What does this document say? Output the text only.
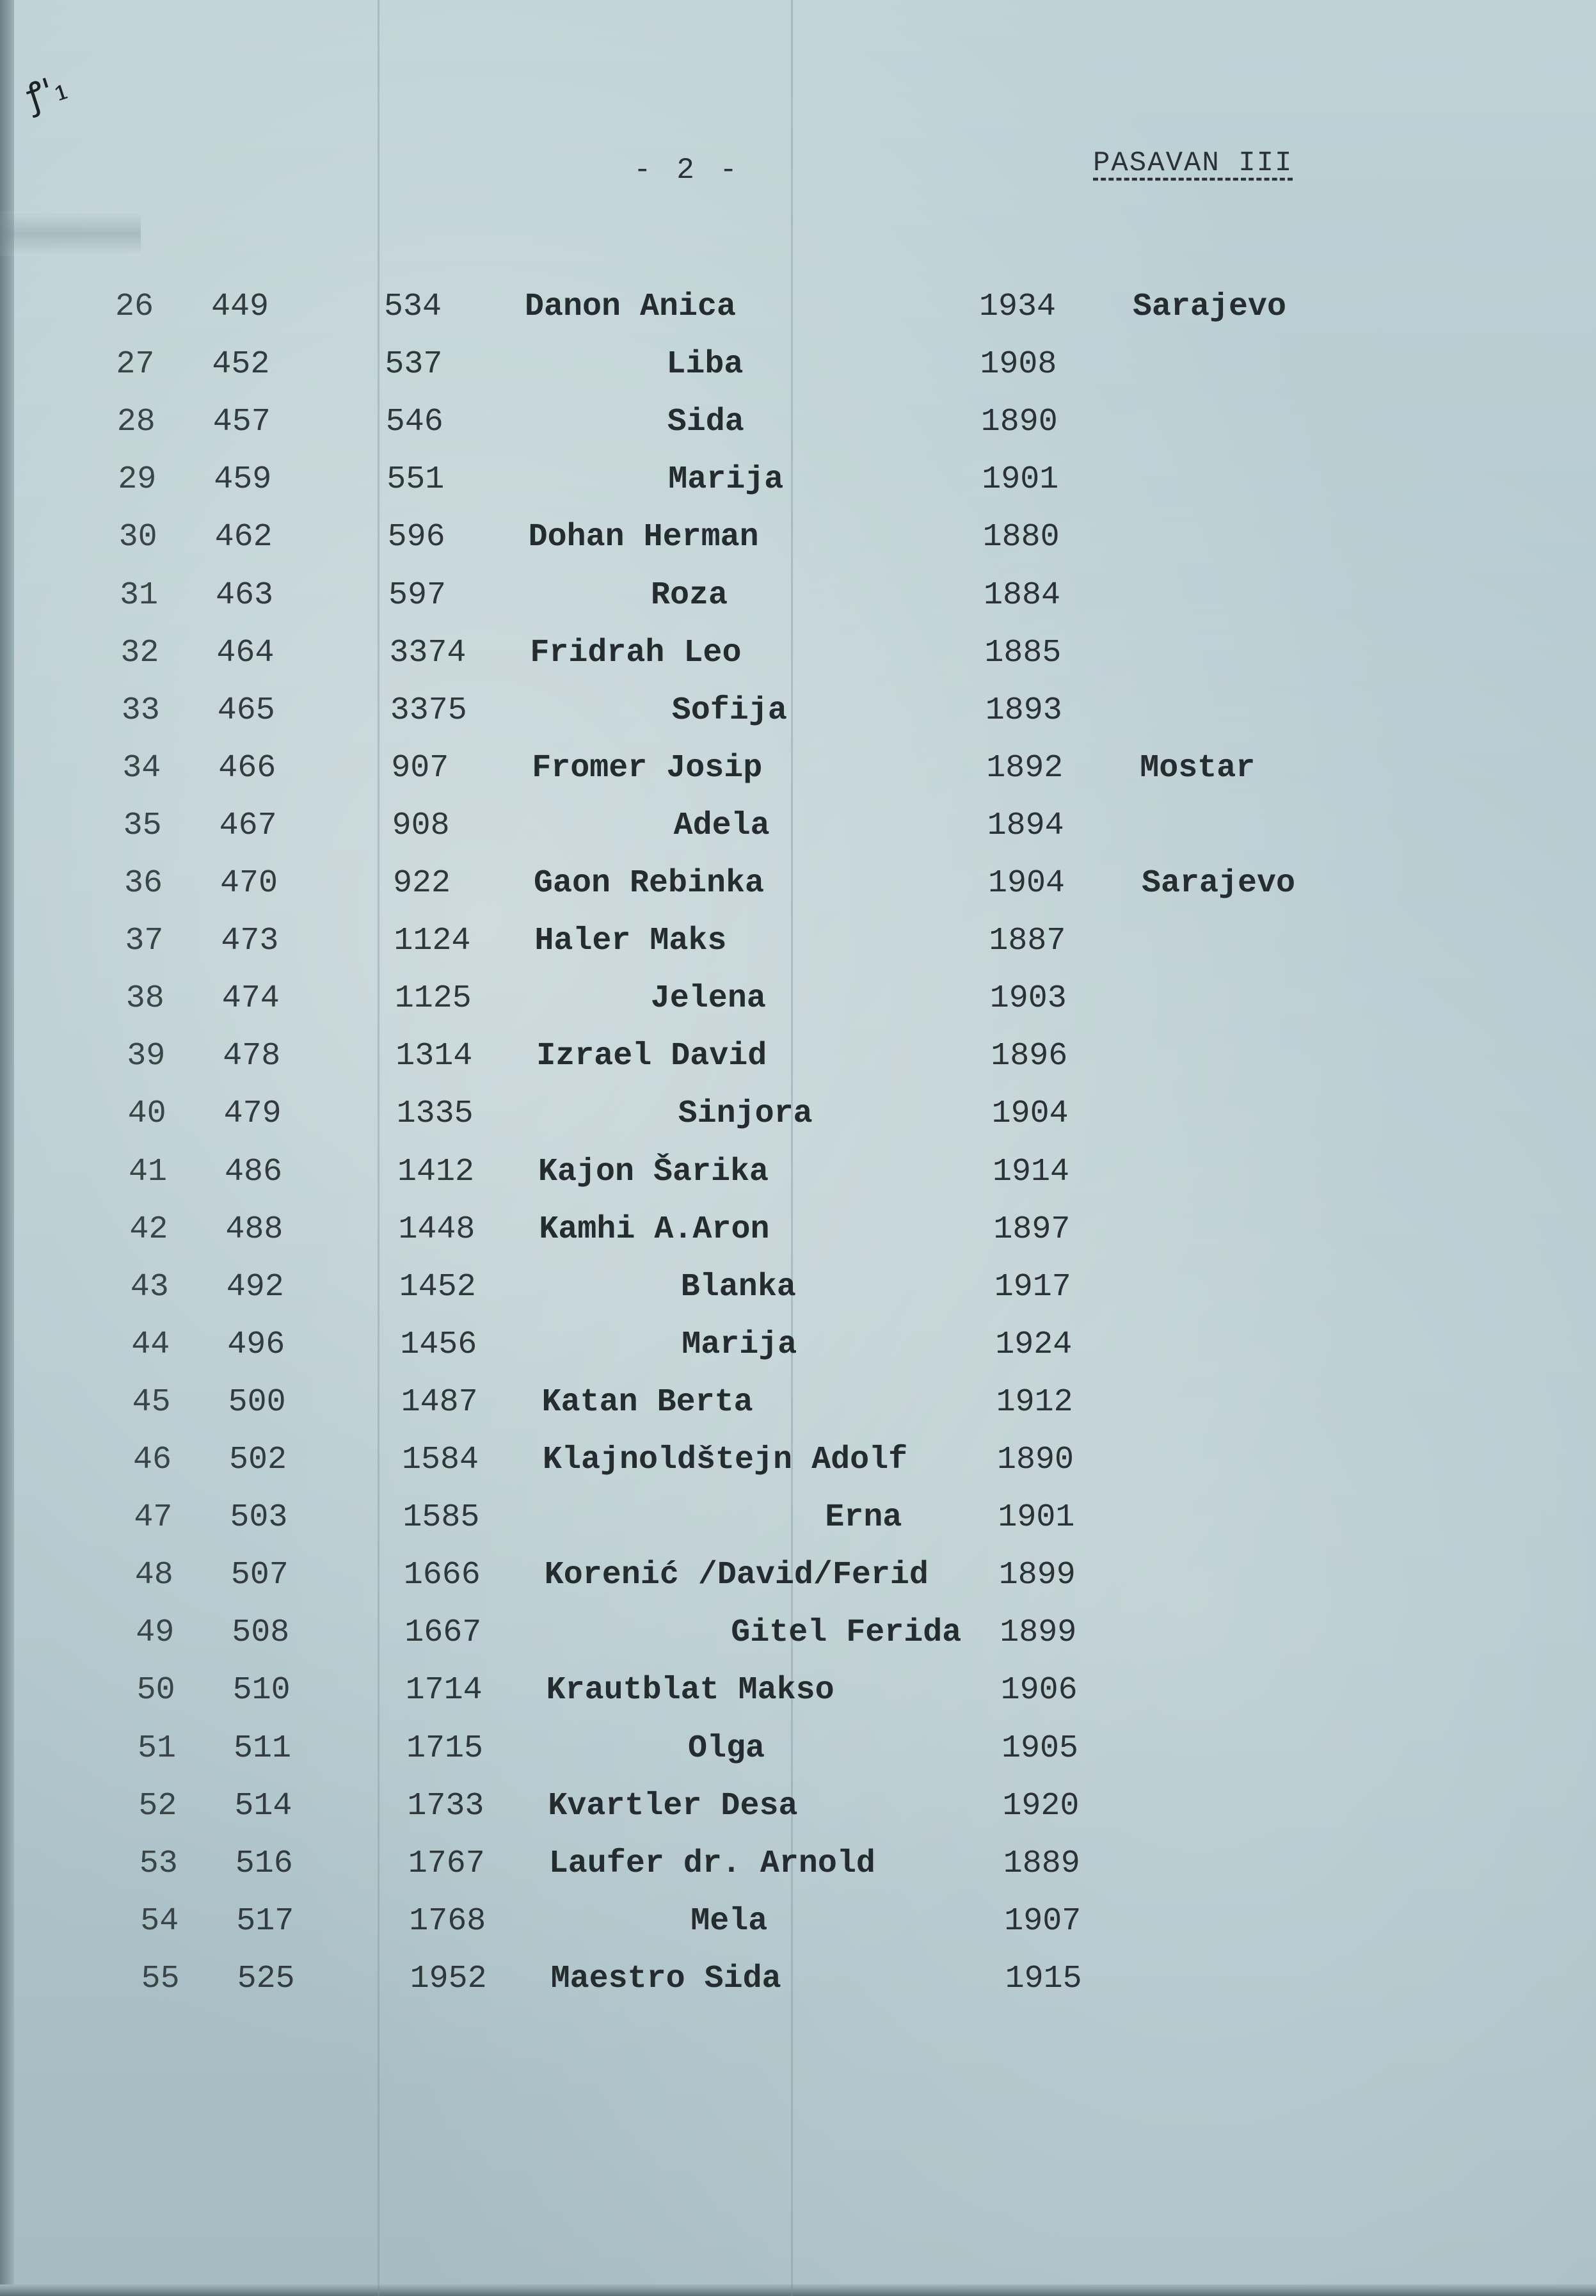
ꝭ'₁
- 2 -	PASAVAN III
26 449	534	Danon Anica	1934 Sarajevo
27 452	537	Liba	1908
28 457	546	Sida	1890
29 459	551	Marija	1901
30 462	596	Dohan Herman	1880
31 463	597	Roza	1884
32 464	3374 Fridrah Leo	1885
33 465	3375	Sofija	1893
34 466	907	Fromer Josip	1892 Mostar
35 467	908	Adela	1894
36 470	922	Gaon Rebinka	1904 Sarajevo
37 473	1124 Haler Maks	1887
38 474	1125	Jelena	1903
39 478	1314 Izrael David	1896
40 479	1335	Sinjora	1904
41 486	1412 Kajon Šarika	1914
42 488	1448 Kamhi A.Aron	1897
43 492	1452	Blanka	1917
44 496	1456	Marija	1924
45 500	1487 Katan Berta	1912
46 502	1584 Klajnoldštejn Adolf	1890
47 503	1585	Erna	1901
48 507	1666 Korenić /David/Ferid 1899
49 508	1667	Gitel Ferida 1899
50 510	1714 Krautblat Makso	1906
51 511	1715	Olga	1905
52 514	1733 Kvartler Desa	1920
53 516	1767 Laufer dr. Arnold	1889
54 517	1768	Mela	1907
55 525	1952 Maestro Sida	1915
